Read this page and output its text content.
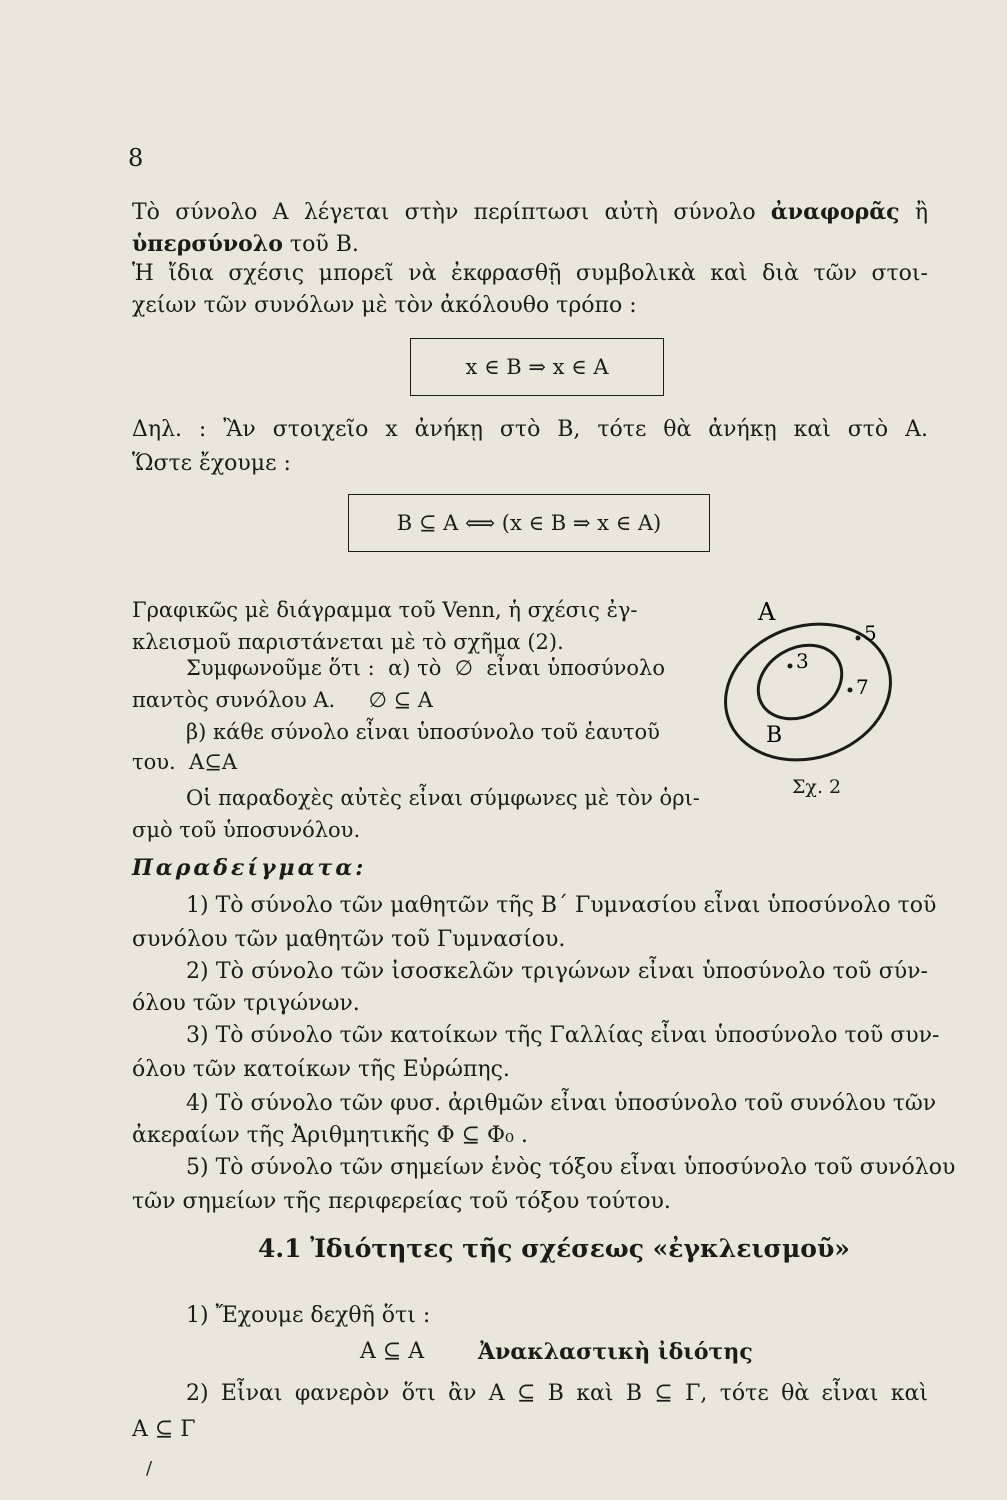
8
Τὸ σύνολο Α λέγεται στὴν περίπτωσι αὐτὴ σύνολο ἀναφορᾶς ἢ
ὑπερσύνολο τοῦ Β.
Ἡ ἴδια σχέσις μπορεῖ νὰ ἐκφρασθῇ συμβολικὰ καὶ διὰ τῶν στοι-
χείων τῶν συνόλων μὲ τὸν ἀκόλουθο τρόπο :
x ∈ B ⇒ x ∈ A
Δηλ. : Ἂν στοιχεῖο x ἀνήκῃ στὸ Β, τότε θὰ ἀνήκῃ καὶ στὸ Α.
Ὥστε ἔχουμε :
B ⊆ A ⟺ (x ∈ B ⇒ x ∈ A)
Γραφικῶς μὲ διάγραμμα τοῦ Venn, ἡ σχέσις ἐγ-
κλεισμοῦ παριστάνεται μὲ τὸ σχῆμα (2).
Συμφωνοῦμε ὅτι :  α) τὸ  ∅  εἶναι ὑποσύνολο
παντὸς συνόλου Α.     ∅ ⊆ Α
β) κάθε σύνολο εἶναι ὑποσύνολο τοῦ ἑαυτοῦ
του.  Α⊆Α
Οἱ παραδοχὲς αὐτὲς εἶναι σύμφωνες μὲ τὸν ὁρι-
σμὸ τοῦ ὑποσυνόλου.
A
B
3
5
7
Σχ. 2
Παραδείγματα:
1) Τὸ σύνολο τῶν μαθητῶν τῆς Β΄ Γυμνασίου εἶναι ὑποσύνολο τοῦ
συνόλου τῶν μαθητῶν τοῦ Γυμνασίου.
2) Τὸ σύνολο τῶν ἰσοσκελῶν τριγώνων εἶναι ὑποσύνολο τοῦ σύν-
όλου τῶν τριγώνων.
3) Τὸ σύνολο τῶν κατοίκων τῆς Γαλλίας εἶναι ὑποσύνολο τοῦ συν-
όλου τῶν κατοίκων τῆς Εὐρώπης.
4) Τὸ σύνολο τῶν φυσ. ἀριθμῶν εἶναι ὑποσύνολο τοῦ συνόλου τῶν
ἀκεραίων τῆς Ἀριθμητικῆς Φ ⊆ Φ₀ .
5) Τὸ σύνολο τῶν σημείων ἑνὸς τόξου εἶναι ὑποσύνολο τοῦ συνόλου
τῶν σημείων τῆς περιφερείας τοῦ τόξου τούτου.
4.1 Ἰδιότητες τῆς σχέσεως «ἐγκλεισμοῦ»
1) Ἔχουμε δεχθῆ ὅτι :
Α ⊆ Α Ἀνακλαστικὴ ἰδιότης
2) Εἶναι φανερὸν ὅτι ἂν Α ⊆ Β καὶ Β ⊆ Γ, τότε θὰ εἶναι καὶ
Α ⊆ Γ
/
